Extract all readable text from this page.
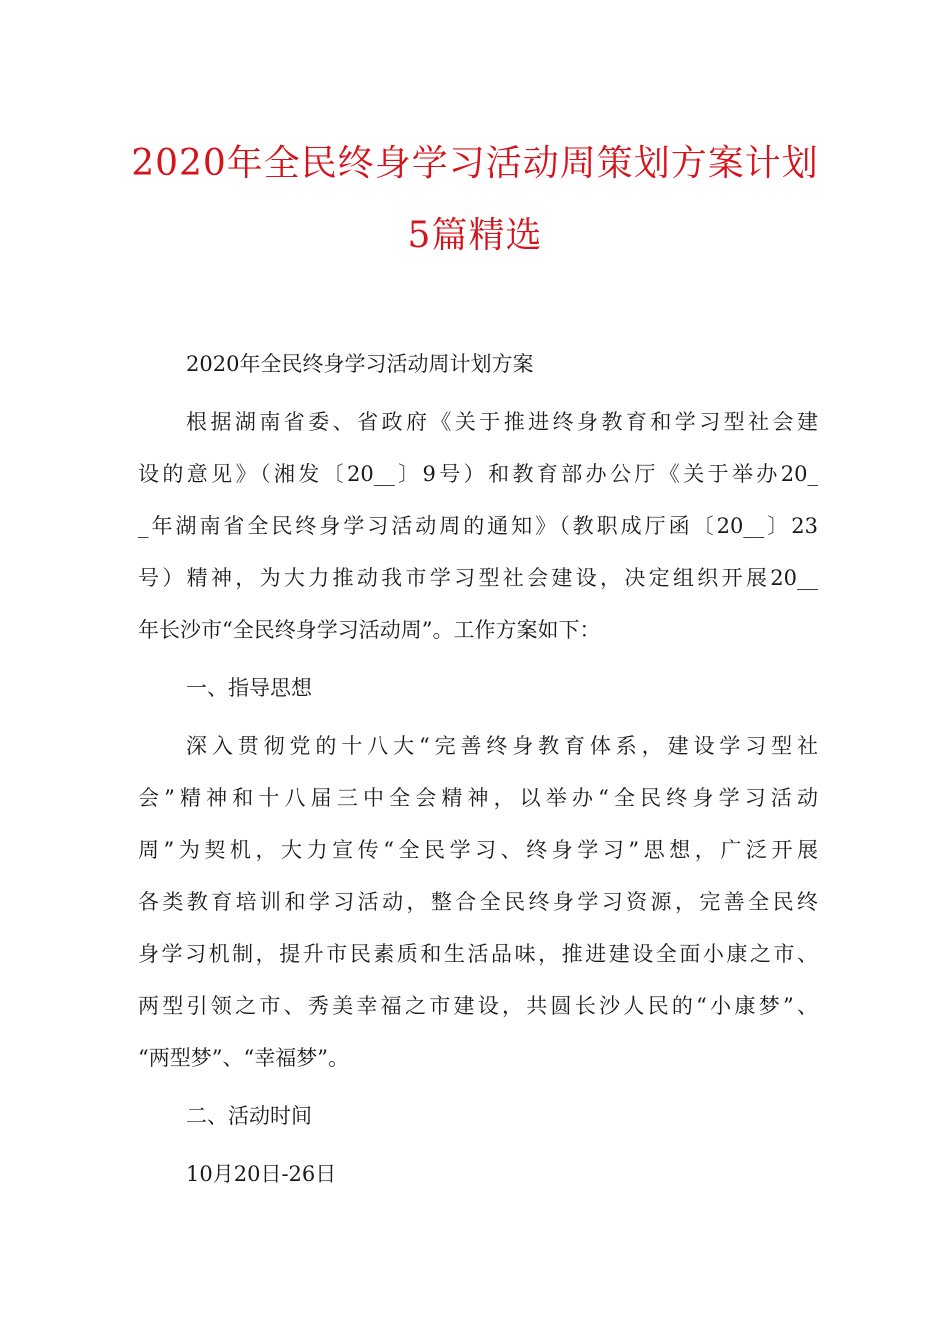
2020年全民终身学习活动周策划方案计划
5篇精选

2020年全民终身学习活动周计划方案

根据湖南省委、省政府《关于推进终身教育和学习型社会建
设的意见》（湘发〔20__〕9号）和教育部办公厅《关于举办20_
_年湖南省全民终身学习活动周的通知》（教职成厅函〔20__〕23
号）精神，为大力推动我市学习型社会建设，决定组织开展20__
年长沙市“全民终身学习活动周”。工作方案如下：

一、指导思想

深入贯彻党的十八大“完善终身教育体系，建设学习型社
会”精神和十八届三中全会精神，以举办“全民终身学习活动
周”为契机，大力宣传“全民学习、终身学习”思想，广泛开展
各类教育培训和学习活动，整合全民终身学习资源，完善全民终
身学习机制，提升市民素质和生活品味，推进建设全面小康之市、
两型引领之市、秀美幸福之市建设，共圆长沙人民的“小康梦”、
“两型梦”、“幸福梦”。

二、活动时间

10月20日-26日
